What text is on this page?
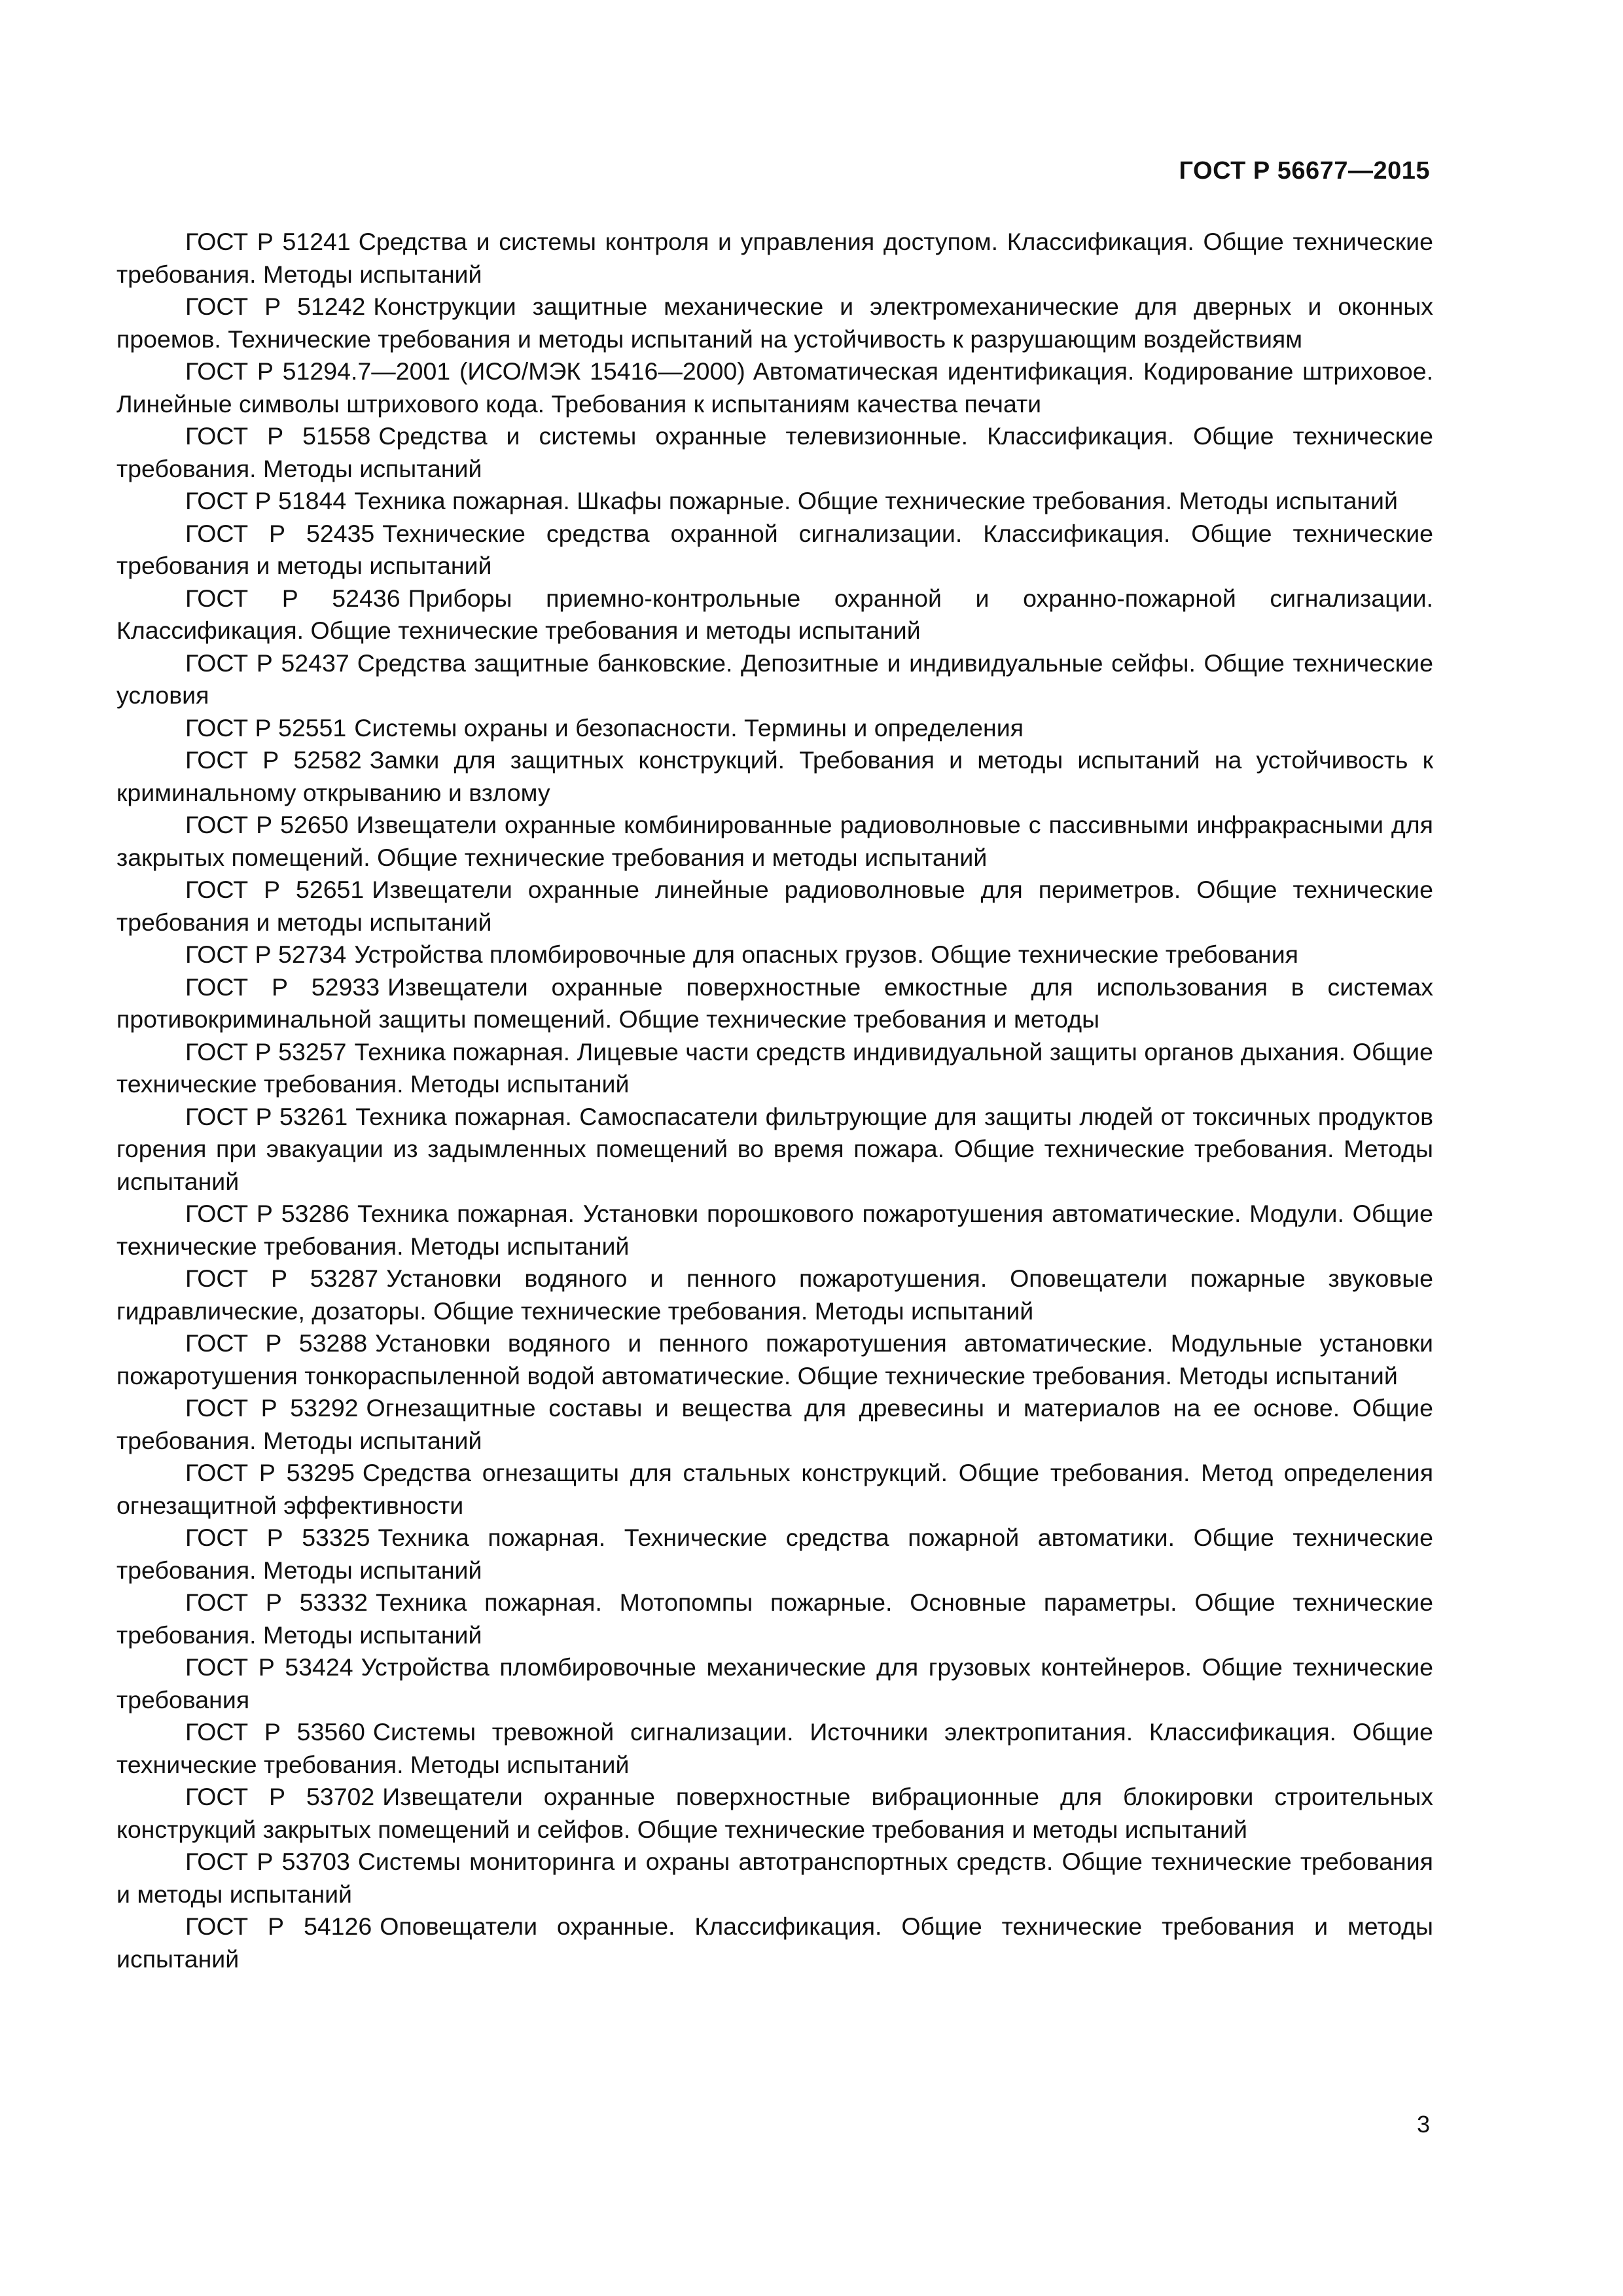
ГОСТ Р 56677—2015

ГОСТ Р 51241 Средства и системы контроля и управления доступом. Классификация. Общие технические требования. Методы испытаний

ГОСТ Р 51242 Конструкции защитные механические и электромеханические для дверных и оконных проемов. Технические требования и методы испытаний на устойчивость к разрушающим воздействиям

ГОСТ Р 51294.7—2001 (ИСО/МЭК 15416—2000) Автоматическая идентификация. Кодирование штриховое. Линейные символы штрихового кода. Требования к испытаниям качества печати

ГОСТ Р 51558 Средства и системы охранные телевизионные. Классификация. Общие технические требования. Методы испытаний

ГОСТ Р 51844 Техника пожарная. Шкафы пожарные. Общие технические требования. Методы испытаний

ГОСТ Р 52435 Технические средства охранной сигнализации. Классификация. Общие технические требования и методы испытаний

ГОСТ Р 52436 Приборы приемно-контрольные охранной и охранно-пожарной сигнализации. Классификация. Общие технические требования и методы испытаний

ГОСТ Р 52437 Средства защитные банковские. Депозитные и индивидуальные сейфы. Общие технические условия

ГОСТ Р 52551 Системы охраны и безопасности. Термины и определения

ГОСТ Р 52582 Замки для защитных конструкций. Требования и методы испытаний на устойчивость к криминальному открыванию и взлому

ГОСТ Р 52650 Извещатели охранные комбинированные радиоволновые с пассивными инфракрасными для закрытых помещений. Общие технические требования и методы испытаний

ГОСТ Р 52651 Извещатели охранные линейные радиоволновые для периметров. Общие технические требования и методы испытаний

ГОСТ Р 52734 Устройства пломбировочные для опасных грузов. Общие технические требования

ГОСТ Р 52933 Извещатели охранные поверхностные емкостные для использования в системах противокриминальной защиты помещений. Общие технические требования и методы

ГОСТ Р 53257 Техника пожарная. Лицевые части средств индивидуальной защиты органов дыхания. Общие технические требования. Методы испытаний

ГОСТ Р 53261 Техника пожарная. Самоспасатели фильтрующие для защиты людей от токсичных продуктов горения при эвакуации из задымленных помещений во время пожара. Общие технические требования. Методы испытаний

ГОСТ Р 53286 Техника пожарная. Установки порошкового пожаротушения автоматические. Модули. Общие технические требования. Методы испытаний

ГОСТ Р 53287 Установки водяного и пенного пожаротушения. Оповещатели пожарные звуковые гидравлические, дозаторы. Общие технические требования. Методы испытаний

ГОСТ Р 53288 Установки водяного и пенного пожаротушения автоматические. Модульные установки пожаротушения тонкораспыленной водой автоматические. Общие технические требования. Методы испытаний

ГОСТ Р 53292 Огнезащитные составы и вещества для древесины и материалов на ее основе. Общие требования. Методы испытаний

ГОСТ Р 53295 Средства огнезащиты для стальных конструкций. Общие требования. Метод определения огнезащитной эффективности

ГОСТ Р 53325 Техника пожарная. Технические средства пожарной автоматики. Общие технические требования. Методы испытаний

ГОСТ Р 53332 Техника пожарная. Мотопомпы пожарные. Основные параметры. Общие технические требования. Методы испытаний

ГОСТ Р 53424 Устройства пломбировочные механические для грузовых контейнеров. Общие технические требования

ГОСТ Р 53560 Системы тревожной сигнализации. Источники электропитания. Классификация. Общие технические требования. Методы испытаний

ГОСТ Р 53702 Извещатели охранные поверхностные вибрационные для блокировки строительных конструкций закрытых помещений и сейфов. Общие технические требования и методы испытаний

ГОСТ Р 53703 Системы мониторинга и охраны автотранспортных средств. Общие технические требования и методы испытаний

ГОСТ Р 54126 Оповещатели охранные. Классификация. Общие технические требования и методы испытаний

3
